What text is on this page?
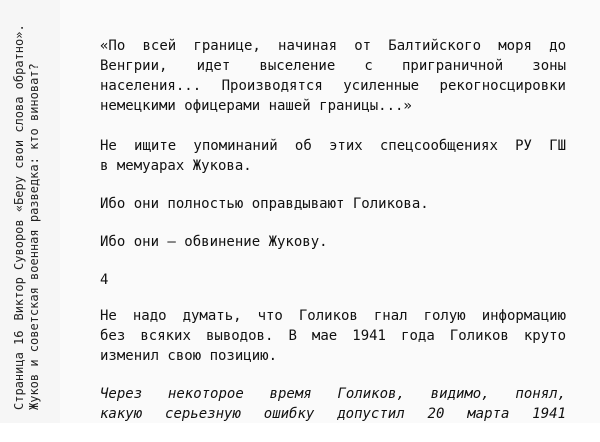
Страница 16Виктор Суворов «Беру свои слова обратно». Жуков и советская военная разведка: кто виноват?
«По всей границе, начиная от Балтийского моря до
Венгрии, идет выселение с приграничной зоны
населения... Производятся усиленные рекогносцировки
немецкими офицерами нашей границы...»
Не ищите упоминаний об этих спецсообщениях РУ ГШ
в мемуарах Жукова.
Ибо они полностью оправдывают Голикова.
Ибо они — обвинение Жукову.
4
Не надо думать, что Голиков гнал голую информацию
без всяких выводов. В мае 1941 года Голиков круто
изменил свою позицию.
Через некоторое время Голиков, видимо, понял,
какую серьезную ошибку допустил 20 марта 1941
